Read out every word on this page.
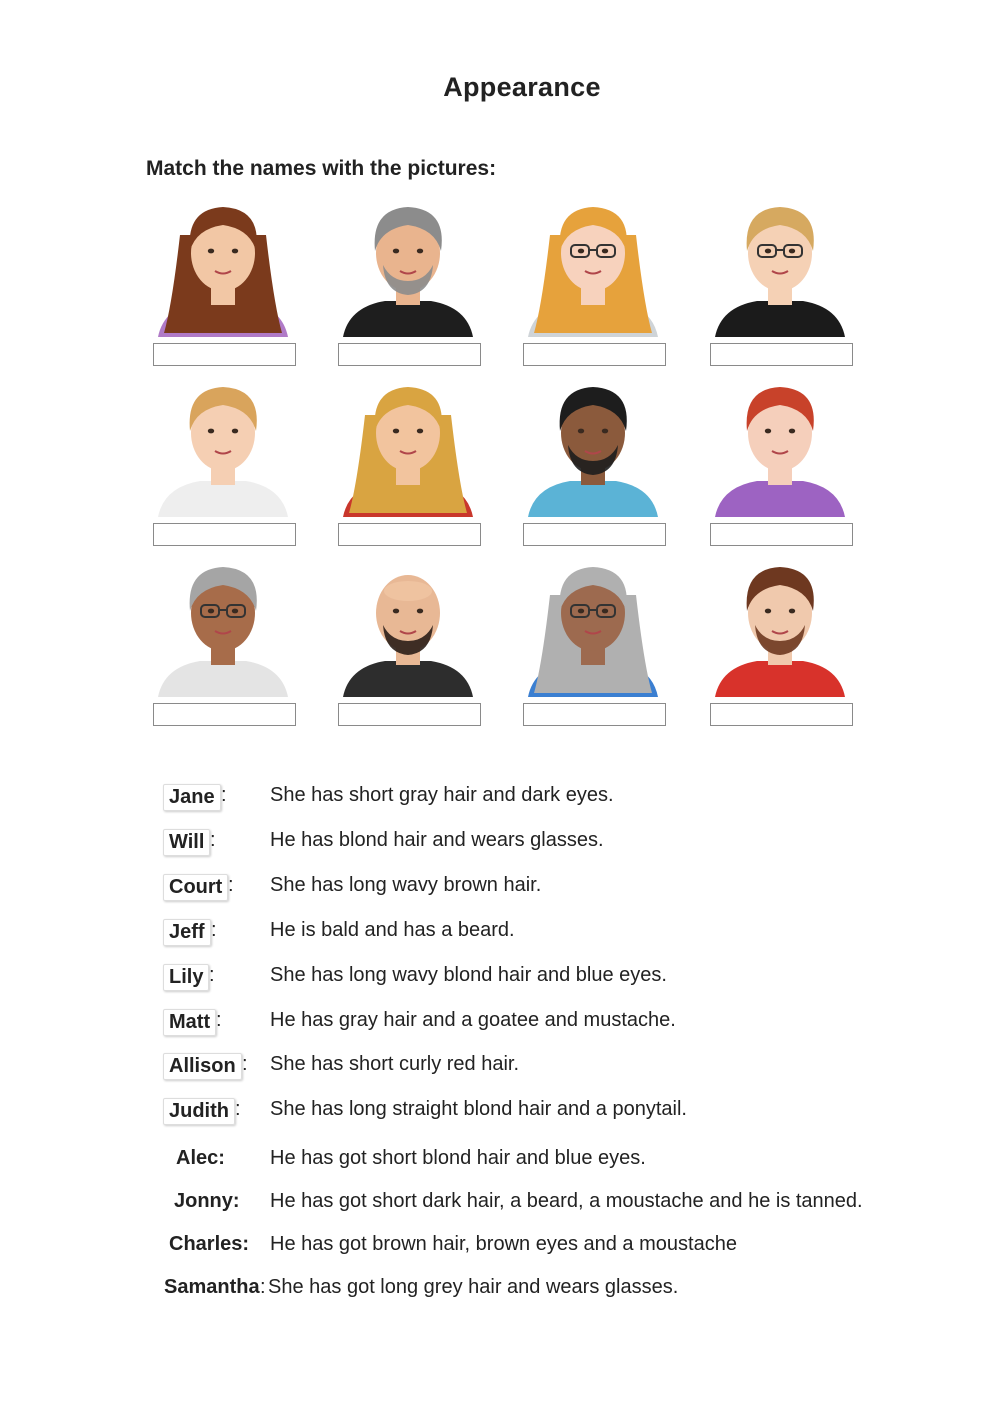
Appearance
Match the names with the pictures:
Jane : She has short gray hair and dark eyes.
Will :	He has blond hair and wears glasses.
Court : She has long wavy brown hair.
Jeff :	He is bald and has a beard.
Lily :	She has long wavy blond hair and blue eyes.
Matt : He has gray hair and a goatee and mustache.
Allison : She has short curly red hair.
Judith : She has long straight blond hair and a ponytail.
Alec: He has got short blond hair and blue eyes.
Jonny: He has got short dark hair, a beard, a moustache and he is tanned.
Charles: He has got brown hair, brown eyes and a moustache
Samantha : She has got long grey hair and wears glasses.
